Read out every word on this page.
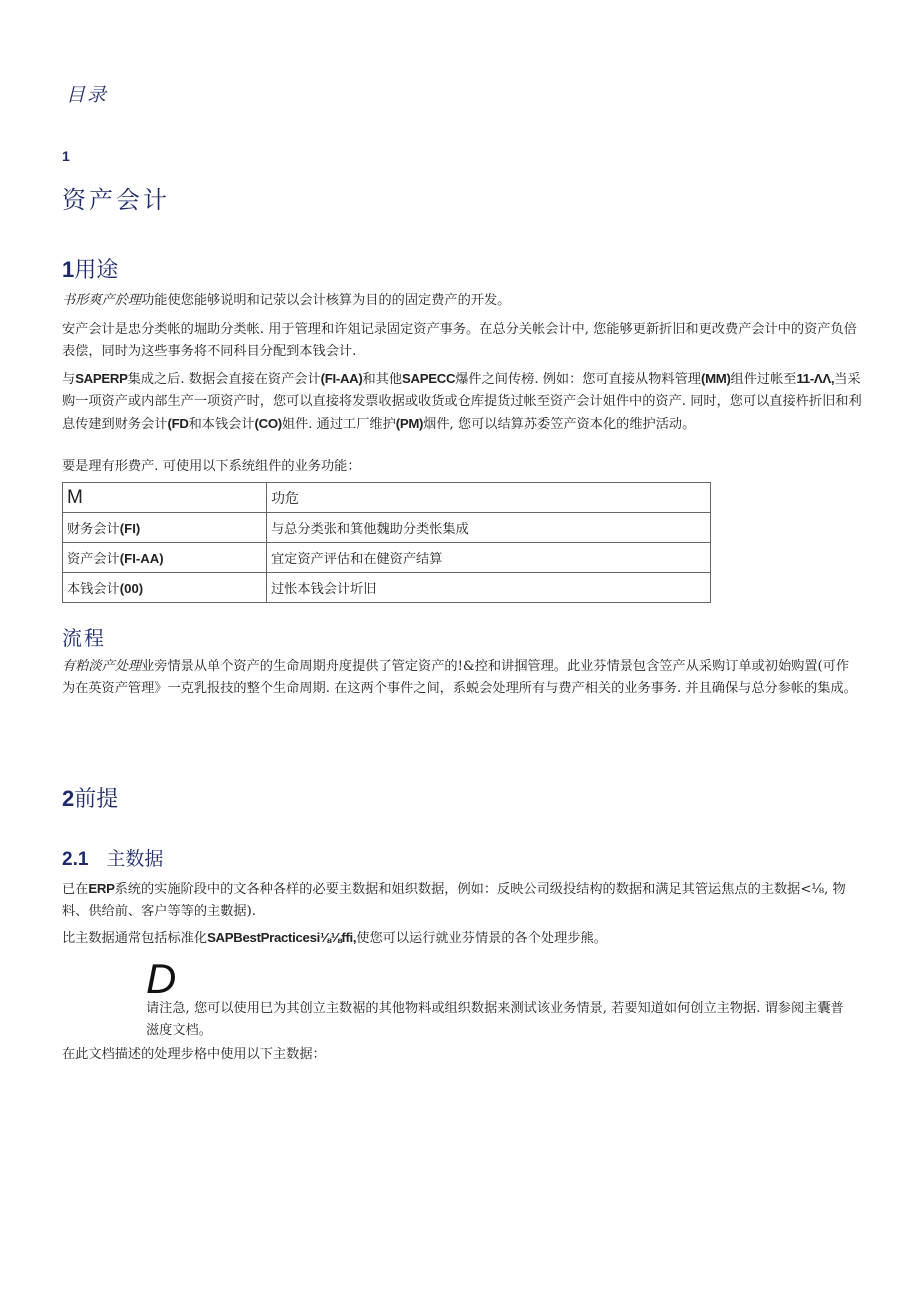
目录
1
资产会计
1用途
书形爽产於理功能使您能够说明和记荥以会计核算为目的的固定费产的开发。
安产会计是忠分类帐的堀助分类帐. 用于管理和许俎记录固定资产事务。在总分关帐会计中, 您能够更新折旧和更改费产会计中的资产负倍表偿，同时为这些事务将不同科目分配到本钱会计.
与SAPERP集成之后. 数据会直接在资产会计(FI-AA)和其他SAPECC爆件之间传榜. 例如：您可直接从物料管理(MM)组件过帐至11-ΛΛ,当采购一项资产或内部生产一项资产时，您可以直接将发票收据或收货或仓库提货过帐至资产会计姐件中的资产. 同时，您可以直接杵折旧和利息传建到财务会计(FD和本钱会计(CO)姐件. 通过工厂维护(PM)烟件, 您可以结算苏委笠产资本化的维护活动。
要是理有形费产. 可使用以下系统组件的业务功能：
M	功危
财务会计(FI)	与总分类张和箕他魏助分类怅集成
资产会计(FI-AA)	宜定资产评估和在健资产结算
本钱会计(00)	过怅本钱会计圻旧
流程
有粕淡产处理业旁情景从单个资产的生命周期舟度提供了管定资产的!&控和讲掴管理。此业芬情景包含笠产从采购订单或初始购置(可作为在英资产管理》一克乳报技的整个生命周期. 在这两个事件之间，系蜕会处理所有与费产相关的业务事务. 并且确保与总分参帐的集成。
2前提
2.1 主数据
已在ERP系统的实施阶段中的文各种各样的必要主数据和姐织数据，例如：反映公司级投结构的数据和满足其管运焦点的主数据<⅛, 物料、供给前、客户等等的主數据).
比主数据通常包括标准化SAPBestPracticesi⅛⅛ffi,使您可以运行就业芬情景的各个处理步熊。
D
请注急, 您可以使用巳为其创立主数裾的其他物料或组织数据来测试该业务情景, 若要知道如何创立主物据. 谓参阅主囊普滋度文档。
在此文档描述的处理步格中使用以下主数据：
